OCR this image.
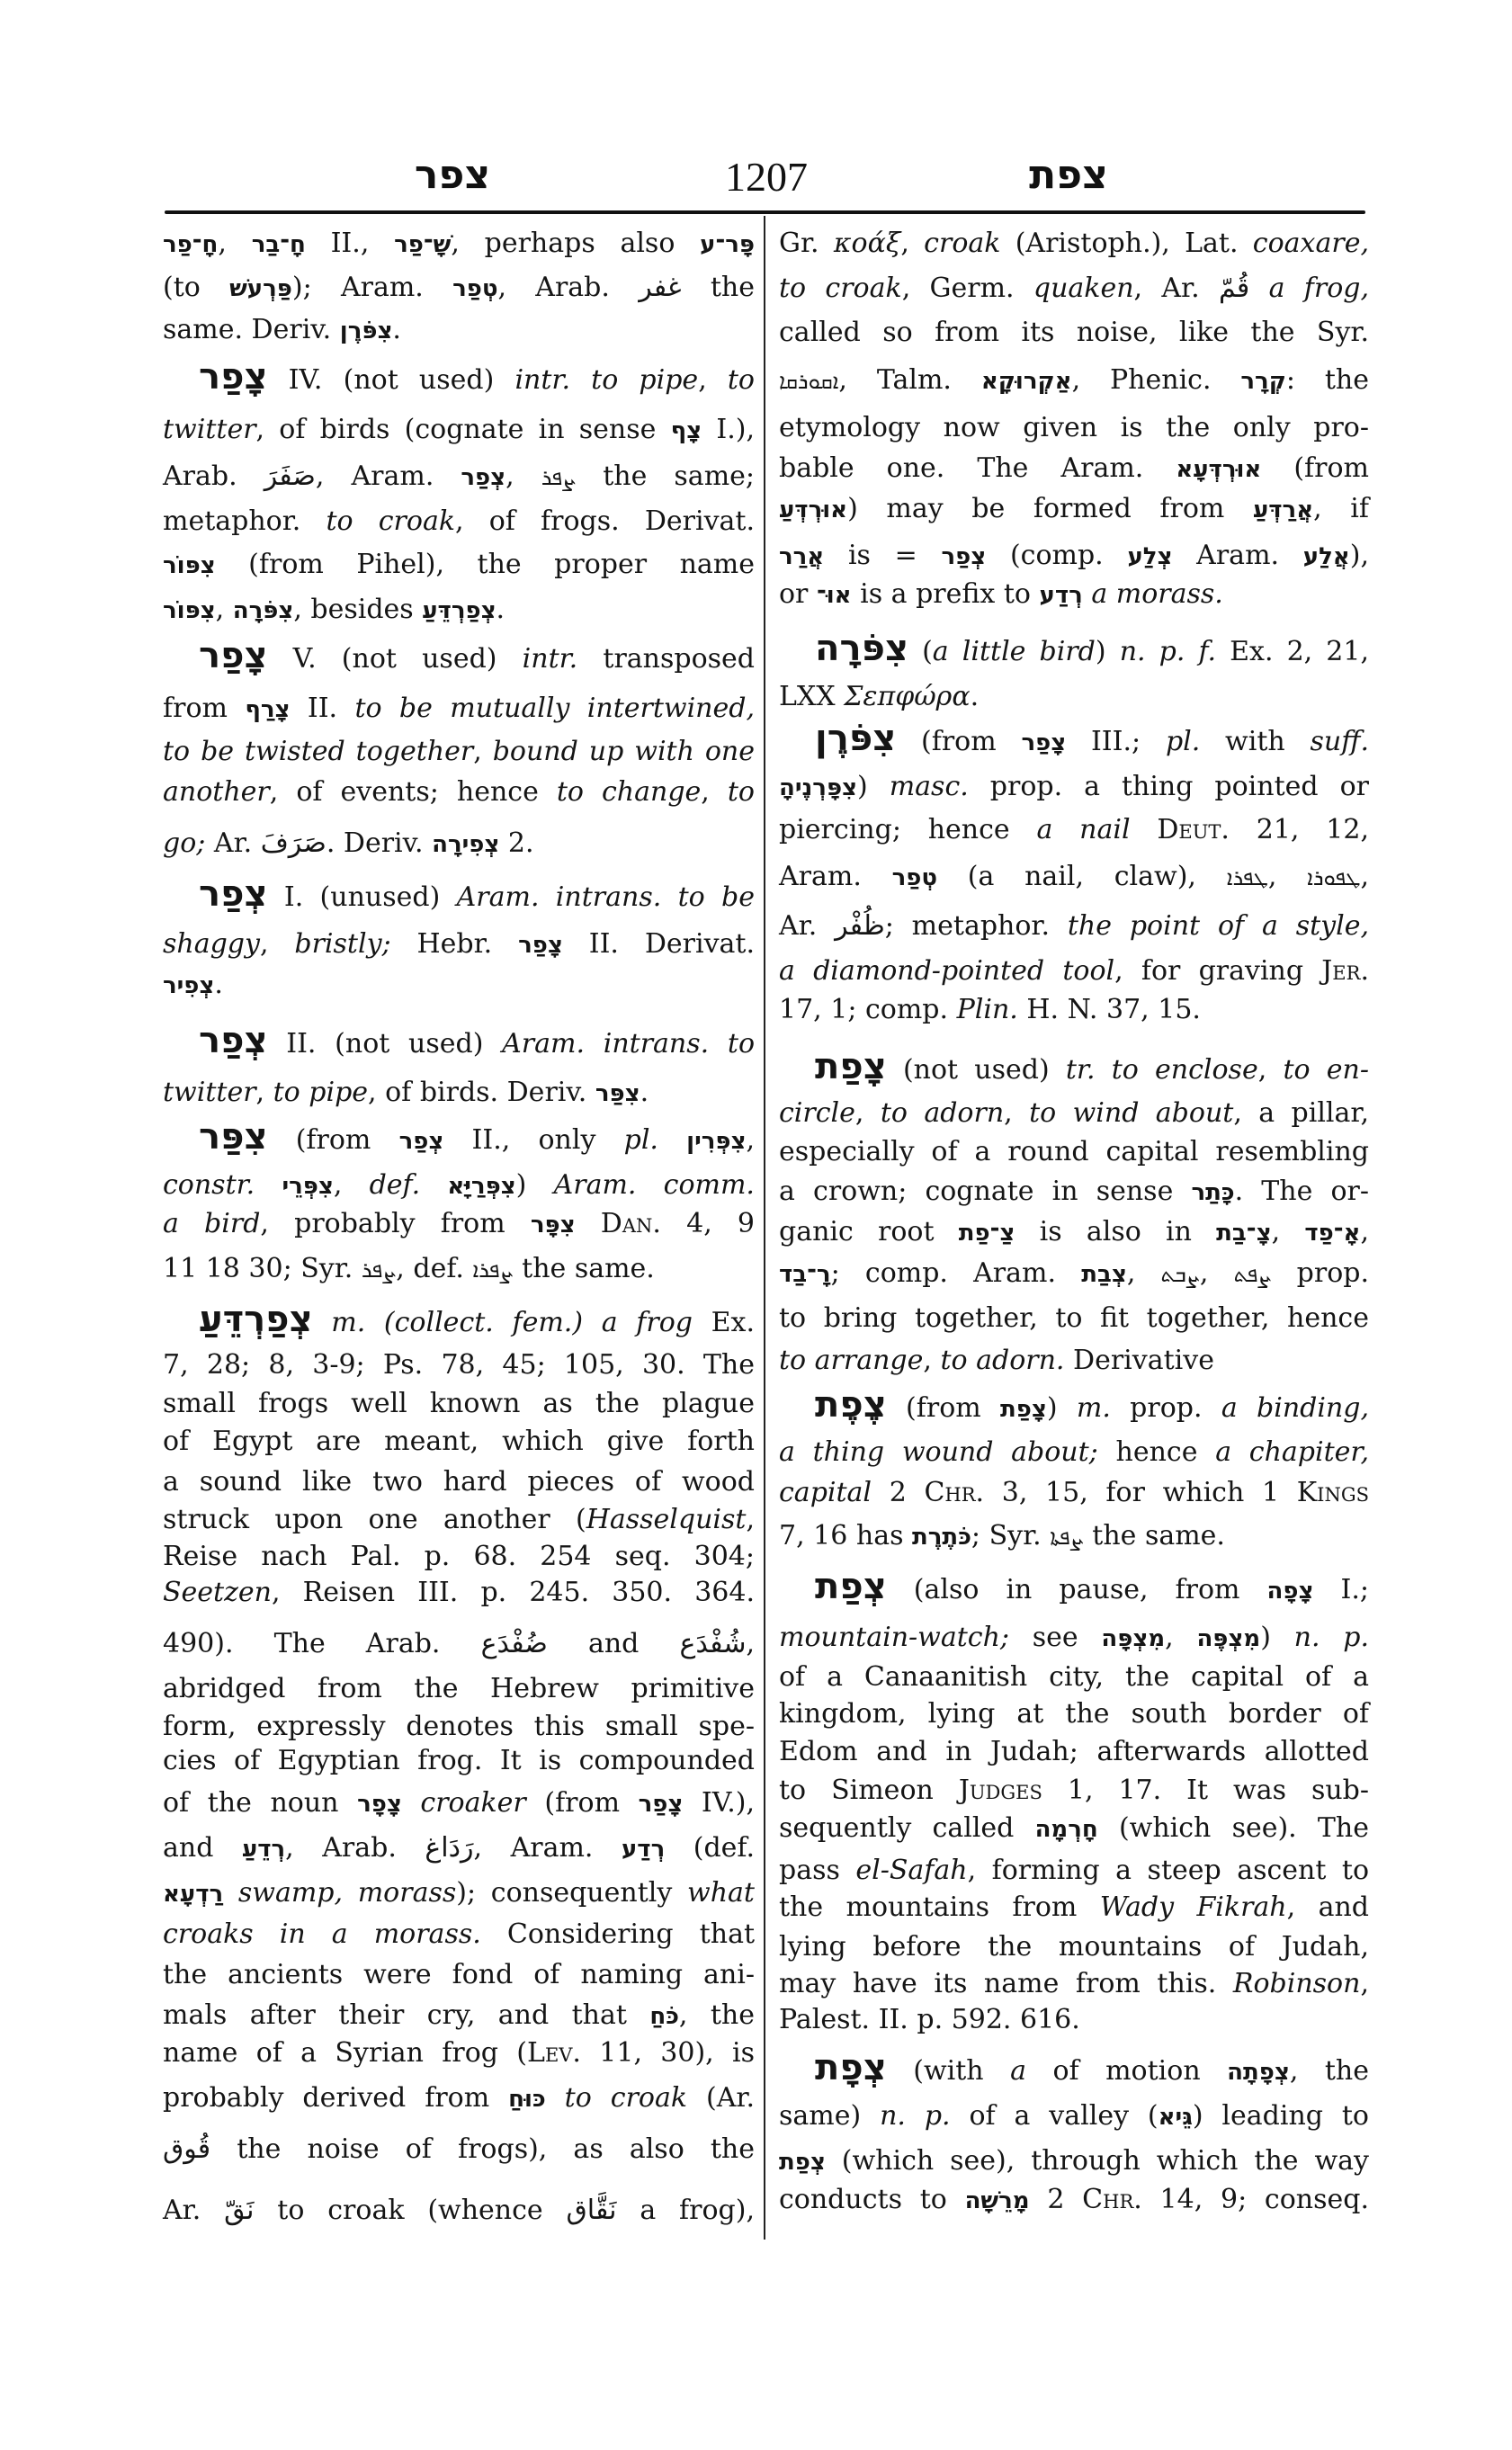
צפר	1207	צפת
חָ־פַר, חָ־בַר II., שָׁ־פַר, perhaps also פָּר־ע
(to פַּרְעשׁ); Aram. טְפַר, Arab. غفر the
same. Deriv. צִפֹּרֶן.
צָפַר IV. (not used) intr. to pipe, to
twitter, of birds (cognate in sense צָף I.),
Arab. صَفَرَ, Aram. צְפַר, ܨܦܪ the same;
metaphor. to croak, of frogs. Derivat.
צִפּוֹר (from Pihel), the proper name
צִפּוֹר, צִפֹּרָה, besides צְפַרְדֵּעַ.
צָפַר V. (not used) intr. transposed
from צָרַף II. to be mutually intertwined,
to be twisted together, bound up with one
another, of events; hence to change, to
go; Ar. صَرَفَ. Deriv. צְפִירָה 2.
צְפַר I. (unused) Aram. intrans. to be
shaggy, bristly; Hebr. צָפַר II. Derivat.
צְפִיר.
צְפַר II. (not used) Aram. intrans. to
twitter, to pipe, of birds. Deriv. צִפַּר.
צִפַּר (from צְפַר II., only pl. צִפְּרִין,
constr. צִפְּרֵי, def. צִפְּרַיָּא) Aram. comm.
a bird, probably from צִפָּר Dan. 4, 9
11 18 30; Syr. ܨܦܪ, def. ܨܦܪܐ the same.
צְפַרְדֵּעַ m. (collect. fem.) a frog Ex.
7, 28; 8, 3-9; Ps. 78, 45; 105, 30. The
small frogs well known as the plague
of Egypt are meant, which give forth
a sound like two hard pieces of wood
struck upon one another (Hasselquist,
Reise nach Pal. p. 68. 254 seq. 304;
Seetzen, Reisen III. p. 245. 350. 364.
490). The Arab. ضُفْدَع and شُفْدَع,
abridged from the Hebrew primitive
form, expressly denotes this small spe-
cies of Egyptian frog. It is compounded
of the noun צָפָר croaker (from צָפַר IV.),
and רְדֵעַ, Arab. رَدَاغ, Aram. רְדַע (def.
רַדְעָא swamp, morass); consequently what
croaks in a morass. Considering that
the ancients were fond of naming ani-
mals after their cry, and that כֹּחַ, the
name of a Syrian frog (Lev. 11, 30), is
probably derived from כּוּחַ to croak (Ar.
قُوق the noise of frogs), as also the
Ar. نَقّ to croak (whence نَقَّاق a frog),
Gr. κοάξ, croak (Aristoph.), Lat. coaxare,
to croak, Germ. quaken, Ar. قُمّ a frog,
called so from its noise, like the Syr.
ܐܩܘܪܩܐ, Talm. אַקְרוּקָא, Phenic. קְרָר: the
etymology now given is the only pro-
bable one. The Aram. אוּרְדְּעָא (from
אוּרְדְּעַ) may be formed from אֲרַדְּעַ, if
אֲרַר is = צְפַר (comp. צְלַע Aram. אֲלַע),
or אוּ־ is a prefix to רְדַע a morass.
צִפֹּרָה (a little bird) n. p. f. Ex. 2, 21,
LXX Σεπφώρα.
צִפֹּרֶן (from צָפַר III.; pl. with suff.
צִפָּרְנֶיהָ) masc. prop. a thing pointed or
piercing; hence a nail Deut. 21, 12,
Aram. טְפַר (a nail, claw), ܛܦܪܐ, ܛܦܘܪܐ,
Ar. ظُفْر; metaphor. the point of a style,
a diamond-pointed tool, for graving Jer.
17, 1; comp. Plin. H. N. 37, 15.
צָפַת (not used) tr. to enclose, to en-
circle, to adorn, to wind about, a pillar,
especially of a round capital resembling
a crown; cognate in sense כָּתַר. The or-
ganic root צַ־פַת is also in צָ־בַת, אָ־פַד,
רָ־בַד; comp. Aram. צְבַת, ܨܒܬ, ܨܦܬ prop.
to bring together, to fit together, hence
to arrange, to adorn. Derivative
צֶפֶת (from צָפַת) m. prop. a binding,
a thing wound about; hence a chapiter,
capital 2 Chr. 3, 15, for which 1 Kings
7, 16 has כֹּתֶרֶת; Syr. ܨܦܬܐ the same.
צְפַת (also in pause, from צָפָה I.;
mountain-watch; see מִצְפָּה, מִצְפֶּה) n. p.
of a Canaanitish city, the capital of a
kingdom, lying at the south border of
Edom and in Judah; afterwards allotted
to Simeon Judges 1, 17. It was sub-
sequently called חָרְמָה (which see). The
pass el-Safah, forming a steep ascent to
the mountains from Wady Fikrah, and
lying before the mountains of Judah,
may have its name from this. Robinson,
Palest. II. p. 592. 616.
צְפָת (with a of motion צְפָתָה, the
same) n. p. of a valley (גֵּיא) leading to
צְפַת (which see), through which the way
conducts to מָרֵשָׁה 2 Chr. 14, 9; conseq.
